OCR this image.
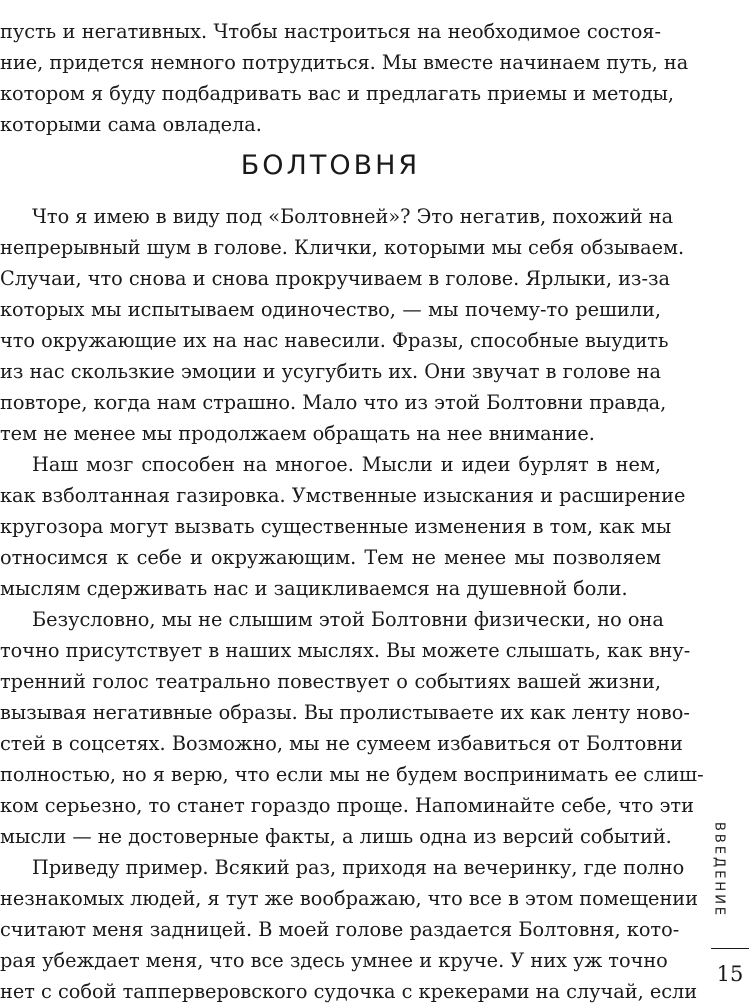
пусть и негативных. Чтобы настроиться на необходимое состоя-
ние, придется немного потрудиться. Мы вместе начинаем путь, на
котором я буду подбадривать вас и предлагать приемы и методы,
которыми сама овладела.
БОЛТОВНЯ
Что я имею в виду под «Болтовней»? Это негатив, похожий на
непрерывный шум в голове. Клички, которыми мы себя обзываем.
Случаи, что снова и снова прокручиваем в голове. Ярлыки, из-за
которых мы испытываем одиночество, — мы почему-то решили,
что окружающие их на нас навесили. Фразы, способные выудить
из нас скользкие эмоции и усугубить их. Они звучат в голове на
повторе, когда нам страшно. Мало что из этой Болтовни правда,
тем не менее мы продолжаем обращать на нее внимание.
Наш мозг способен на многое. Мысли и идеи бурлят в нем,
как взболтанная газировка. Умственные изыскания и расширение
кругозора могут вызвать существенные изменения в том, как мы
относимся к себе и окружающим. Тем не менее мы позволяем
мыслям сдерживать нас и зацикливаемся на душевной боли.
Безусловно, мы не слышим этой Болтовни физически, но она
точно присутствует в наших мыслях. Вы можете слышать, как вну-
тренний голос театрально повествует о событиях вашей жизни,
вызывая негативные образы. Вы пролистываете их как ленту ново-
стей в соцсетях. Возможно, мы не сумеем избавиться от Болтовни
полностью, но я верю, что если мы не будем воспринимать ее слиш-
ком серьезно, то станет гораздо проще. Напоминайте себе, что эти
мысли — не достоверные факты, а лишь одна из версий событий.
Приведу пример. Всякий раз, приходя на вечеринку, где полно
незнакомых людей, я тут же воображаю, что все в этом помещении
считают меня задницей. В моей голове раздается Болтовня, кото-
рая убеждает меня, что все здесь умнее и круче. У них уж точно
нет с собой тапперверовского судочка с крекерами на случай, если
ВВЕДЕНИЕ
15
